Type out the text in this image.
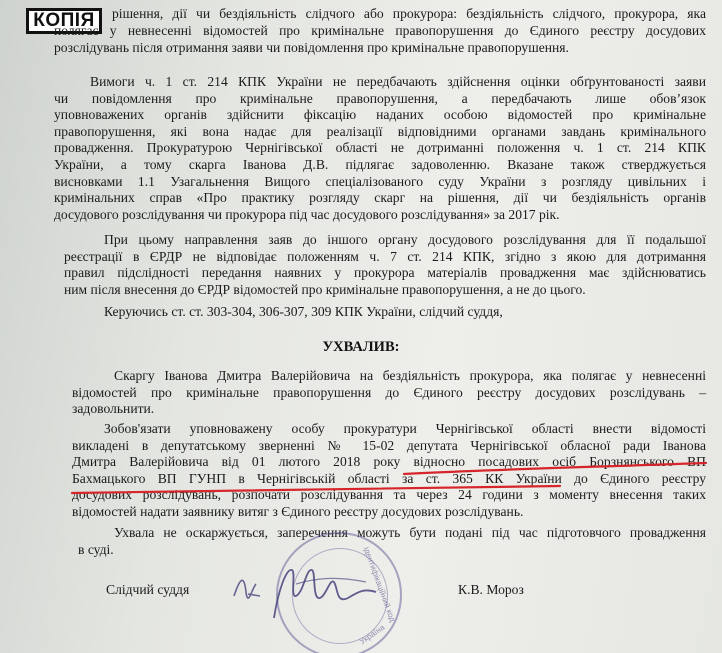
КОПІЯ	рішення, дії чи бездіяльність слідчого або прокурора: бездіяльність слідчого, прокурора, яка
полягає у невнесенні відомостей про кримінальне правопорушення до Єдиного реєстру досудових
розслідувань після отримання заяви чи повідомлення про кримінальне правопорушення.
Вимоги ч. 1 ст. 214 КПК України не передбачають здійснення оцінки обґрунтованості заяви
чи повідомлення про кримінальне правопорушення, а передбачають лише обов’язок
уповноважених органів здійснити фіксацію наданих особою відомостей про кримінальне
правопорушення, які вона надає для реалізації відповідними органами завдань кримінального
провадження. Прокуратурою Чернігівської області не дотриманні положення ч. 1 ст. 214 КПК
України, а тому скарга Іванова Д.В. підлягає задоволенню. Вказане також стверджується
висновками 1.1 Узагальнення Вищого спеціалізованого суду України з розгляду цивільних і
кримінальних справ «Про практику розгляду скарг на рішення, дії чи бездіяльність органів
досудового розслідування чи прокурора під час досудового розслідування» за 2017 рік.
При цьому направлення заяв до іншого органу досудового розслідування для її подальшої
реєстрації в ЄРДР не відповідає положенням ч. 7 ст. 214 КПК, згідно з якою для дотримання
правил підслідності передання наявних у прокурора матеріалів провадження має здійснюватись
ним після внесення до ЄРДР відомостей про кримінальне правопорушення, а не до цього.
Керуючись ст. ст. 303-304, 306-307, 309 КПК України, слідчий суддя,
УХВАЛИВ:
Скаргу Іванова Дмитра Валерійовича на бездіяльність прокурора, яка полягає у невнесенні
відомостей про кримінальне правопорушення до Єдиного реєстру досудових розслідувань –
задовольнити.
Зобов'язати уповноважену особу прокуратури Чернігівської області внести відомості
викладені в депутатському зверненні № 15-02 депутата Чернігівської обласної ради Іванова
Дмитра Валерійовича від 01 лютого 2018 року відносно посадових осіб Борзнянського ВП
Бахмацького ВП ГУНП в Чернігівській області за ст. 365 КК України до Єдиного реєстру
досудових розслідувань, розпочати розслідування та через 24 години з моменту внесення таких
відомостей надати заявнику витяг з Єдиного реєстру досудових розслідувань.
Ухвала не оскаржується, заперечення можуть бути подані під час підготовчого провадження
в суді.	ідентифікаційний код
Україна
Слідчий суддя	К.В. Мороз
